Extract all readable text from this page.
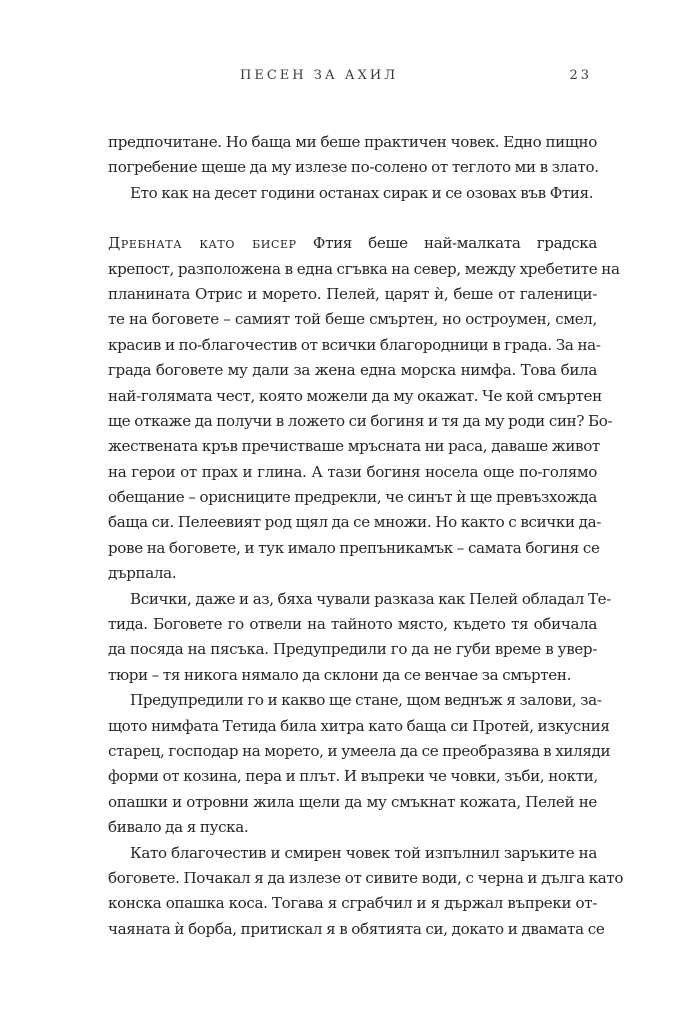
ПЕСЕН ЗА АХИЛ	23
предпочитане. Но баща ми беше практичен човек. Едно пищно
погребение щеше да му излезе по-солено от теглото ми в злато.
Ето как на десет години останах сирак и се озовах във Фтия.
Дребната като бисер Фтия беше най-малката градска
крепост, разположена в една сгъвка на север, между хребетите на
планината Отрис и морето. Пелей, царят ѝ, беше от галеници-
те на боговете – самият той беше смъртен, но остроумен, смел,
красив и по-благочестив от всички благородници в града. За на-
града боговете му дали за жена една морска нимфа. Това била
най-голямата чест, която можели да му окажат. Че кой смъртен
ще откаже да получи в ложето си богиня и тя да му роди син? Бо-
жествената кръв пречистваше мръсната ни раса, даваше живот
на герои от прах и глина. А тази богиня носела още по-голямо
обещание – орисниците предрекли, че синът ѝ ще превъзхожда
баща си. Пелеевият род щял да се множи. Но както с всички да-
рове на боговете, и тук имало препъникамък – самата богиня се
дърпала.
Всички, даже и аз, бяха чували разказа как Пелей обладал Те-
тида. Боговете го отвели на тайното място, където тя обичала
да посяда на пясъка. Предупредили го да не губи време в увер-
тюри – тя никога нямало да склони да се венчае за смъртен.
Предупредили го и какво ще стане, щом веднъж я залови, за-
щото нимфата Тетида била хитра като баща си Протей, изкусния
старец, господар на морето, и умеела да се преобразява в хиляди
форми от козина, пера и плът. И въпреки че човки, зъби, нокти,
опашки и отровни жила щели да му смъкнат кожата, Пелей не
бивало да я пуска.
Като благочестив и смирен човек той изпълнил заръките на
боговете. Почакал я да излезе от сивите води, с черна и дълга като
конска опашка коса. Тогава я сграбчил и я държал въпреки от-
чаяната ѝ борба, притискал я в обятията си, докато и двамата се
